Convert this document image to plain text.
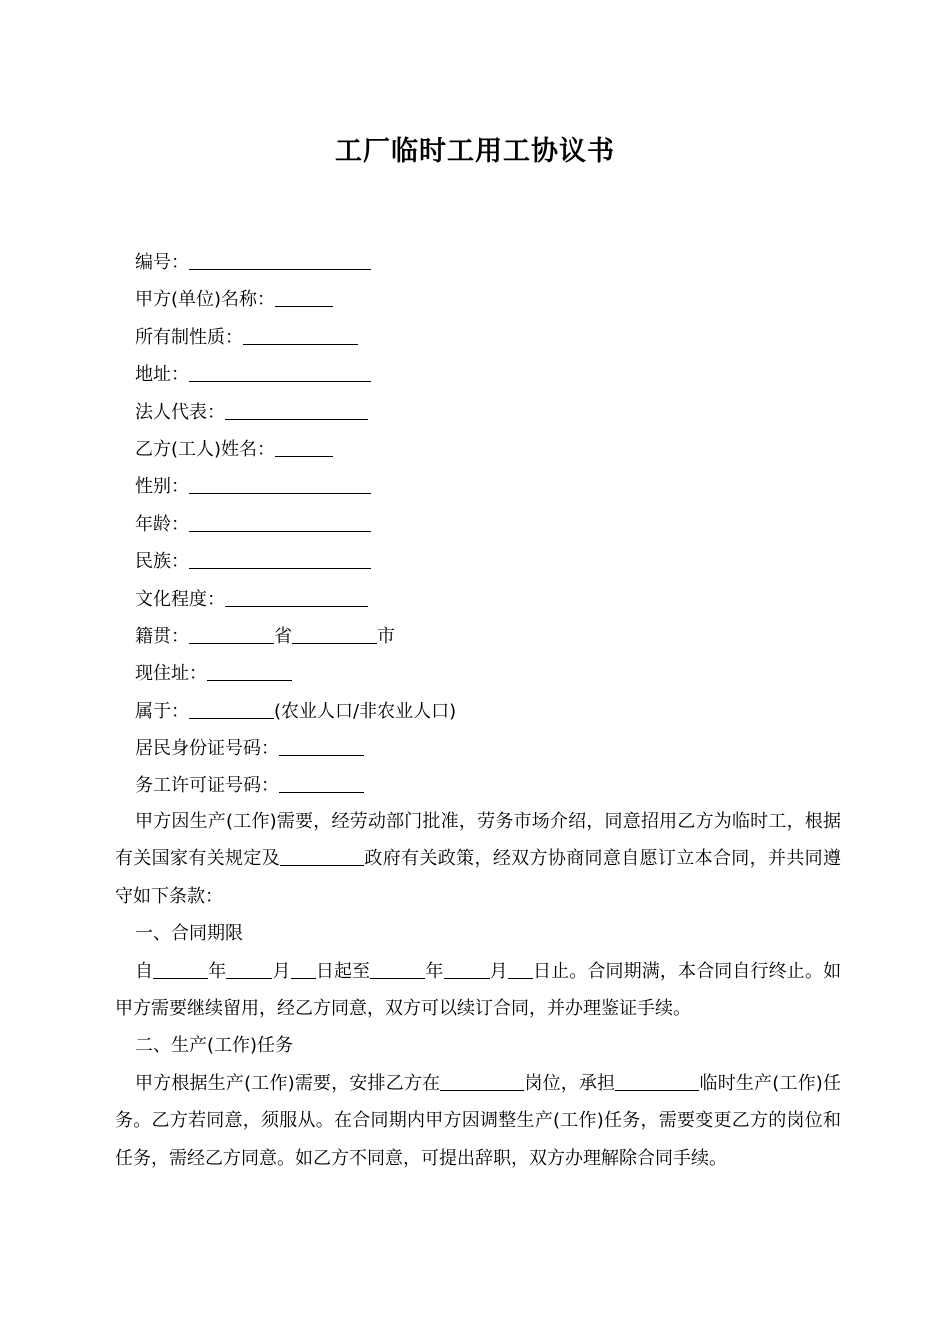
工厂临时工用工协议书
编号：
甲方(单位)名称：
所有制性质：
地址：
法人代表：
乙方(工人)姓名：
性别：
年龄：
民族：
文化程度：
籍贯：	省	市
现住址：
属于：	(农业人口/非农业人口)
居民身份证号码：
务工许可证号码：

甲方因生产(工作)需要，经劳动部门批准，劳务市场介绍，同意招用乙方为临时工，根据有关国家有关规定及	政府有关政策，经双方协商同意自愿订立本合同，并共同遵守如下条款：

一、合同期限

自	年	月 日起至	年	月 日止。合同期满，本合同自行终止。如甲方需要继续留用，经乙方同意，双方可以续订合同，并办理鉴证手续。

二、生产(工作)任务

甲方根据生产(工作)需要，安排乙方在	岗位，承担	临时生产(工作)任务。乙方若同意，须服从。在合同期内甲方因调整生产(工作)任务，需要变更乙方的岗位和任务，需经乙方同意。如乙方不同意，可提出辞职，双方办理解除合同手续。
